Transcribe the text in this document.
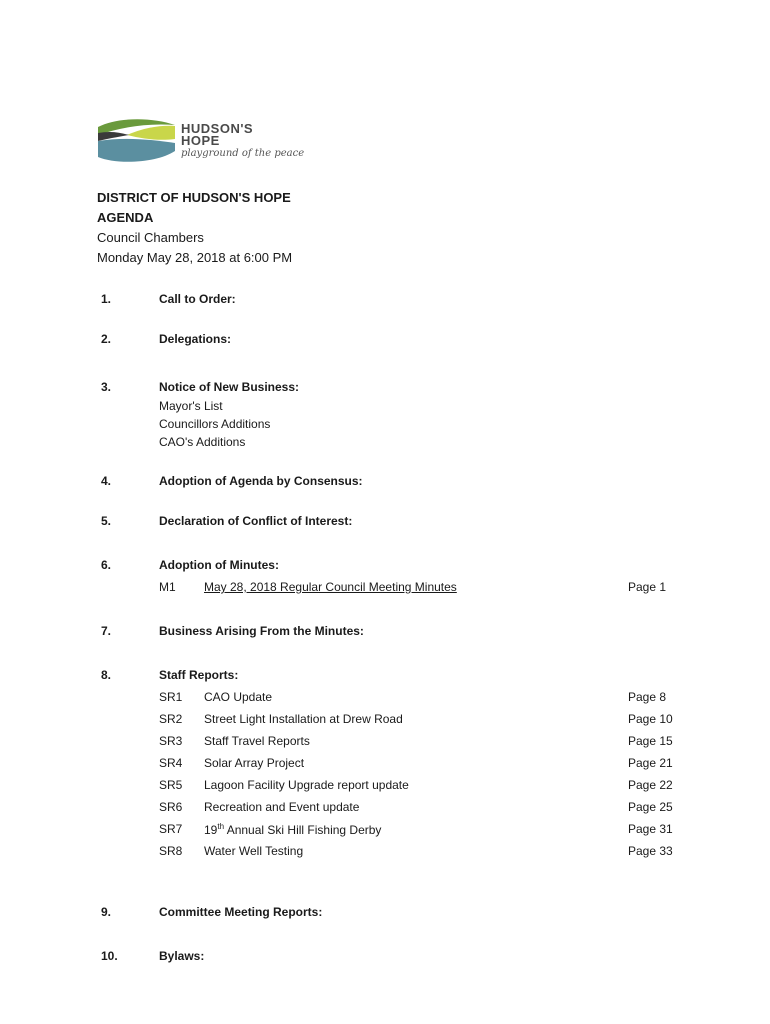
HUDSON'S
HOPE
playground of the peace
DISTRICT OF HUDSON'S HOPE
AGENDA
Council Chambers
Monday May 28, 2018 at 6:00 PM
1.	Call to Order:
2.	Delegations:
3.	Notice of New Business:
Mayor's List
Councillors Additions
CAO's Additions
4.	Adoption of Agenda by Consensus:
5.	Declaration of Conflict of Interest:
6.	Adoption of Minutes:
M1 May 28, 2018 Regular Council Meeting Minutes	Page 1
7.	Business Arising From the Minutes:
8.	Staff Reports:
SR1 CAO Update	Page 8
SR2 Street Light Installation at Drew Road	Page 10
SR3 Staff Travel Reports	Page 15
SR4 Solar Array Project	Page 21
SR5 Lagoon Facility Upgrade report update	Page 22
SR6 Recreation and Event update	Page 25
SR7 19th Annual Ski Hill Fishing Derby	Page 31
SR8 Water Well Testing	Page 33
9.	Committee Meeting Reports:
10.	Bylaws:
